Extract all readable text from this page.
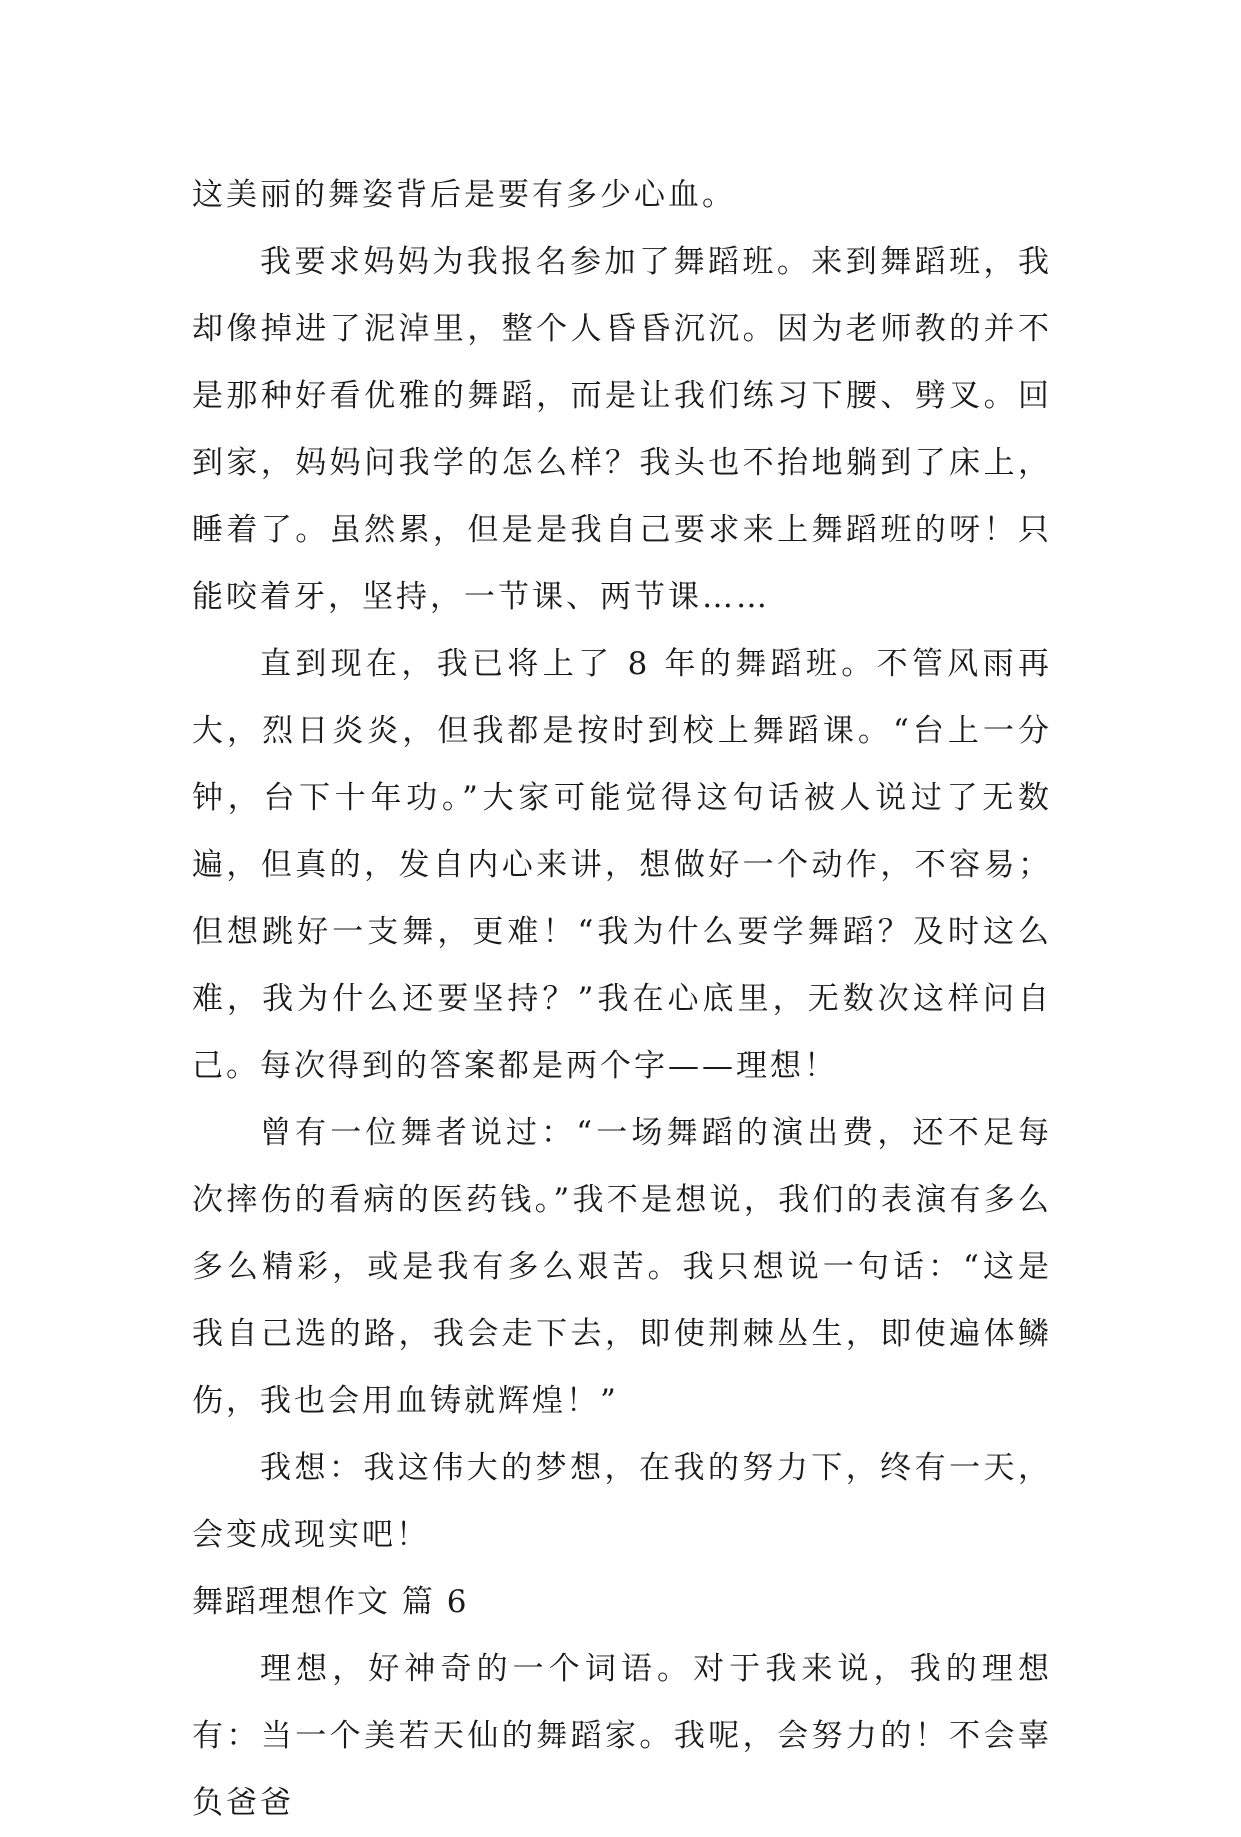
这美丽的舞姿背后是要有多少心血。

我要求妈妈为我报名参加了舞蹈班。来到舞蹈班，我却像掉进了泥淖里，整个人昏昏沉沉。因为老师教的并不是那种好看优雅的舞蹈，而是让我们练习下腰、劈叉。回到家，妈妈问我学的怎么样？我头也不抬地躺到了床上，睡着了。虽然累，但是是我自己要求来上舞蹈班的呀！只能咬着牙，坚持，一节课、两节课……

直到现在，我已将上了 8 年的舞蹈班。不管风雨再大，烈日炎炎，但我都是按时到校上舞蹈课。“台上一分钟，台下十年功。”大家可能觉得这句话被人说过了无数遍，但真的，发自内心来讲，想做好一个动作，不容易；但想跳好一支舞，更难！“我为什么要学舞蹈？及时这么难，我为什么还要坚持？”我在心底里，无数次这样问自己。每次得到的答案都是两个字——理想！

曾有一位舞者说过：“一场舞蹈的演出费，还不足每次摔伤的看病的医药钱。”我不是想说，我们的表演有多么多么精彩，或是我有多么艰苦。我只想说一句话：“这是我自己选的路，我会走下去，即使荆棘丛生，即使遍体鳞伤，我也会用血铸就辉煌！”

我想：我这伟大的梦想，在我的努力下，终有一天，会变成现实吧！

舞蹈理想作文 篇 6

理想，好神奇的一个词语。对于我来说，我的理想有：当一个美若天仙的舞蹈家。我呢，会努力的！不会辜负爸爸
